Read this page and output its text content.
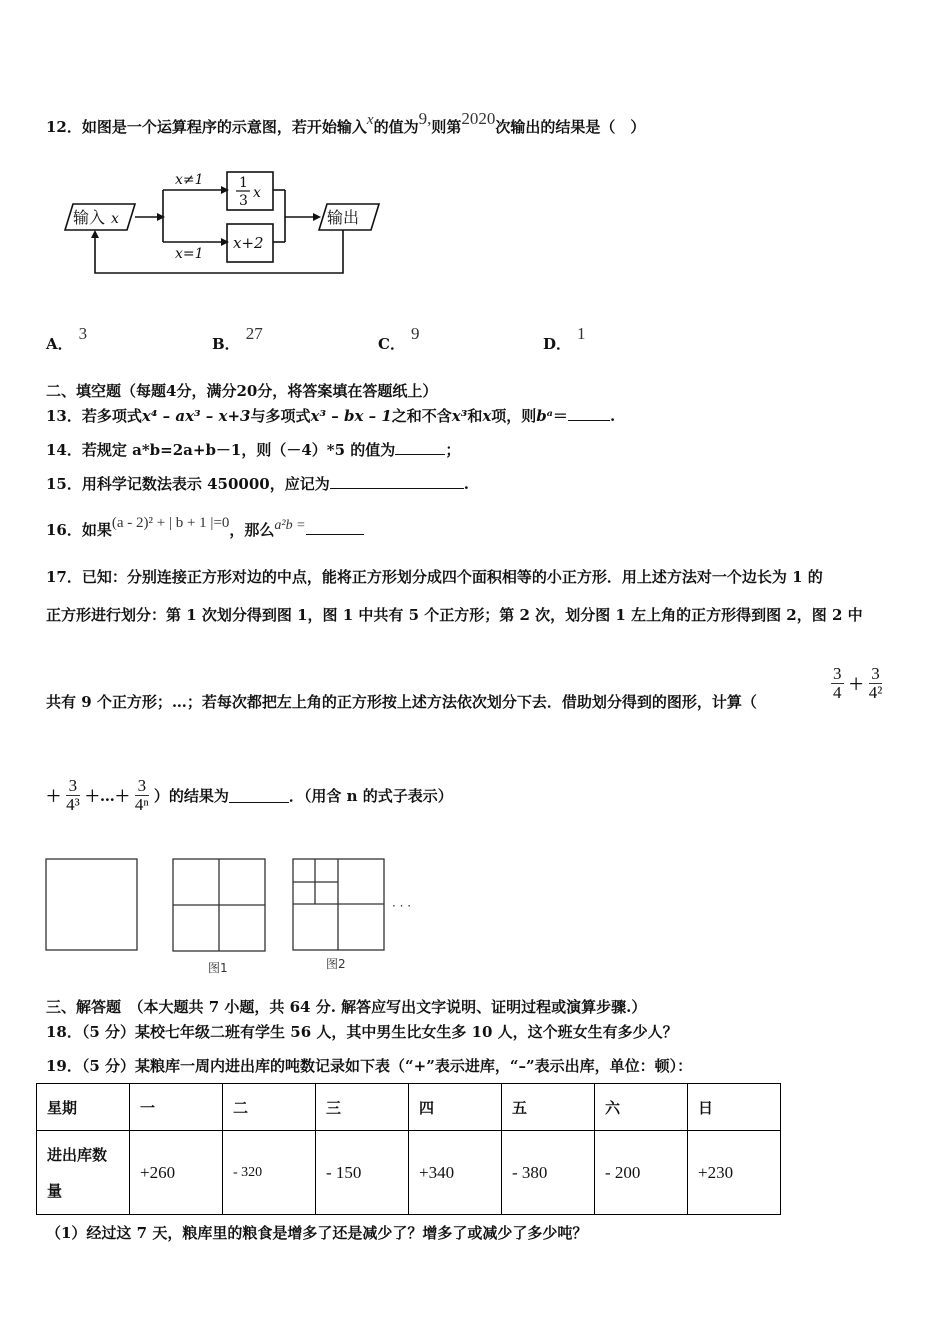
12．如图是一个运算程序的示意图，若开始输入x的值为9,则第2020次输出的结果是（　）
输入 x	输出
x≠1
x=1
1
3 x
x+2
A．3
B．27
C．9
D．1
二、填空题（每题4分，满分20分，将答案填在答题纸上）
13．若多项式x⁴ – ax³ – x+3与多项式x³ – bx – 1之和不含x³和x项，则bᵃ＝	.
14．若规定 a*b=2a+b－1，则（－4）*5 的值为	；
15．用科学记数法表示 450000，应记为	.
16．如果(a - 2)² + | b + 1 |=0，那么a²b =
17．已知：分别连接正方形对边的中点，能将正方形划分成四个面积相等的小正方形．用上述方法对一个边长为 1 的
正方形进行划分：第 1 次划分得到图 1，图 1 中共有 5 个正方形；第 2 次，划分图 1 左上角的正方形得到图 2，图 2 中
共有 9 个正方形；…；若每次都把左上角的正方形按上述方法依次划分下去．借助划分得到的图形，计算（	$\frac{3}{4} + \frac{3}{\text{4²}}$
＋ $\frac{3}{\text{4³}}$ ＋…＋ $\frac{3}{\text{4ⁿ}}$ ）的结果为	．（用含 n 的式子表示）
图1	图2
· · ·
三、解答题　（本大题共 7 小题，共 64 分. 解答应写出文字说明、证明过程或演算步骤.）
18．（5 分）某校七年级二班有学生 56 人，其中男生比女生多 10 人，这个班女生有多少人？
19．（5 分）某粮库一周内进出库的吨数记录如下表（“+”表示进库，“–”表示出库，单位：顿）：
星期	一	二	三	四	五	六	日
进出库数
量	+260	- 320	- 150	+340	- 380	- 200	+230
（1）经过这 7 天，粮库里的粮食是增多了还是减少了？增多了或减少了多少吨？
